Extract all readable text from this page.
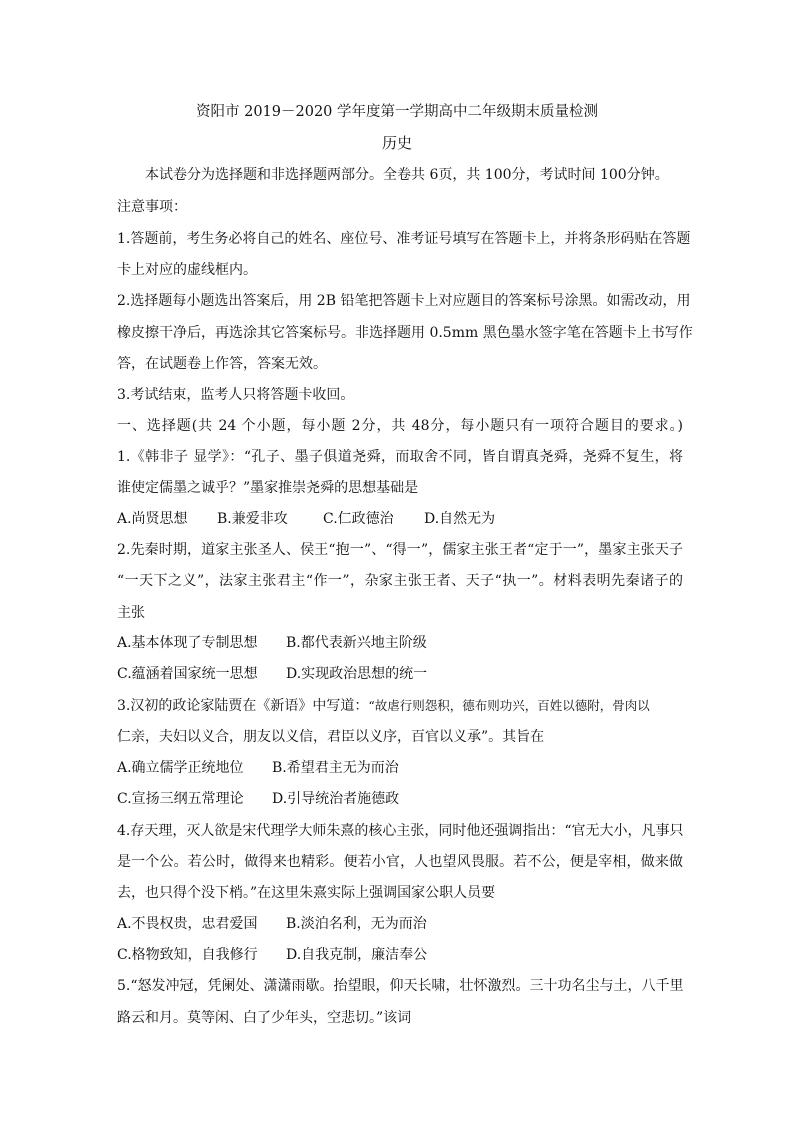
资阳市 2019－2020 学年度第一学期高中二年级期末质量检测
历史
本试卷分为选择题和非选择题两部分。全卷共 6页，共 100分，考试时间 100分钟。
注意事项：
1.答题前，考生务必将自己的姓名、座位号、准考证号填写在答题卡上，并将条形码贴在答题
卡上对应的虚线框内。
2.选择题每小题选出答案后，用 2B 铅笔把答题卡上对应题目的答案标号涂黑。如需改动，用
橡皮擦干净后，再选涂其它答案标号。非选择题用 0.5mm 黑色墨水签字笔在答题卡上书写作
答，在试题卷上作答，答案无效。
3.考试结束，监考人只将答题卡收回。
一、选择题(共 24 个小题，每小题 2分，共 48分，每小题只有一项符合题目的要求。)
1.《韩非子 显学》：“孔子、墨子俱道尧舜，而取舍不同，皆自谓真尧舜，尧舜不复生，将
谁使定儒墨之诚乎？”墨家推崇尧舜的思想基础是
A.尚贤思想 B.兼爱非攻	C.仁政德治 D.自然无为
2.先秦时期，道家主张圣人、侯王“抱一”、“得一”，儒家主张王者“定于一”，墨家主张天子
“一天下之义”，法家主张君主“作一”，杂家主张王者、天子“执一”。材料表明先秦诸子的
主张
A.基本体现了专制思想 B.都代表新兴地主阶级
C.蕴涵着国家统一思想 D.实现政治思想的统一
3.汉初的政论家陆贾在《新语》中写道：“故虐行则怨积，德布则功兴，百姓以德附，骨肉以
仁亲，夫妇以义合，朋友以义信，君臣以义序，百官以义承”。其旨在
A.确立儒学正统地位 B.希望君主无为而治
C.宣扬三纲五常理论 D.引导统治者施德政
4.存天理，灭人欲是宋代理学大师朱熹的核心主张，同时他还强调指出：“官无大小，凡事只
是一个公。若公时，做得来也精彩。便若小官，人也望风畏服。若不公，便是宰相，做来做
去，也只得个没下梢。”在这里朱熹实际上强调国家公职人员要
A.不畏权贵，忠君爱国 B.淡泊名利，无为而治
C.格物致知，自我修行 D.自我克制，廉洁奉公
5.“怒发冲冠，凭阑处、潇潇雨歇。抬望眼，仰天长啸，壮怀激烈。三十功名尘与土，八千里
路云和月。莫等闲、白了少年头，空悲切。”该词
